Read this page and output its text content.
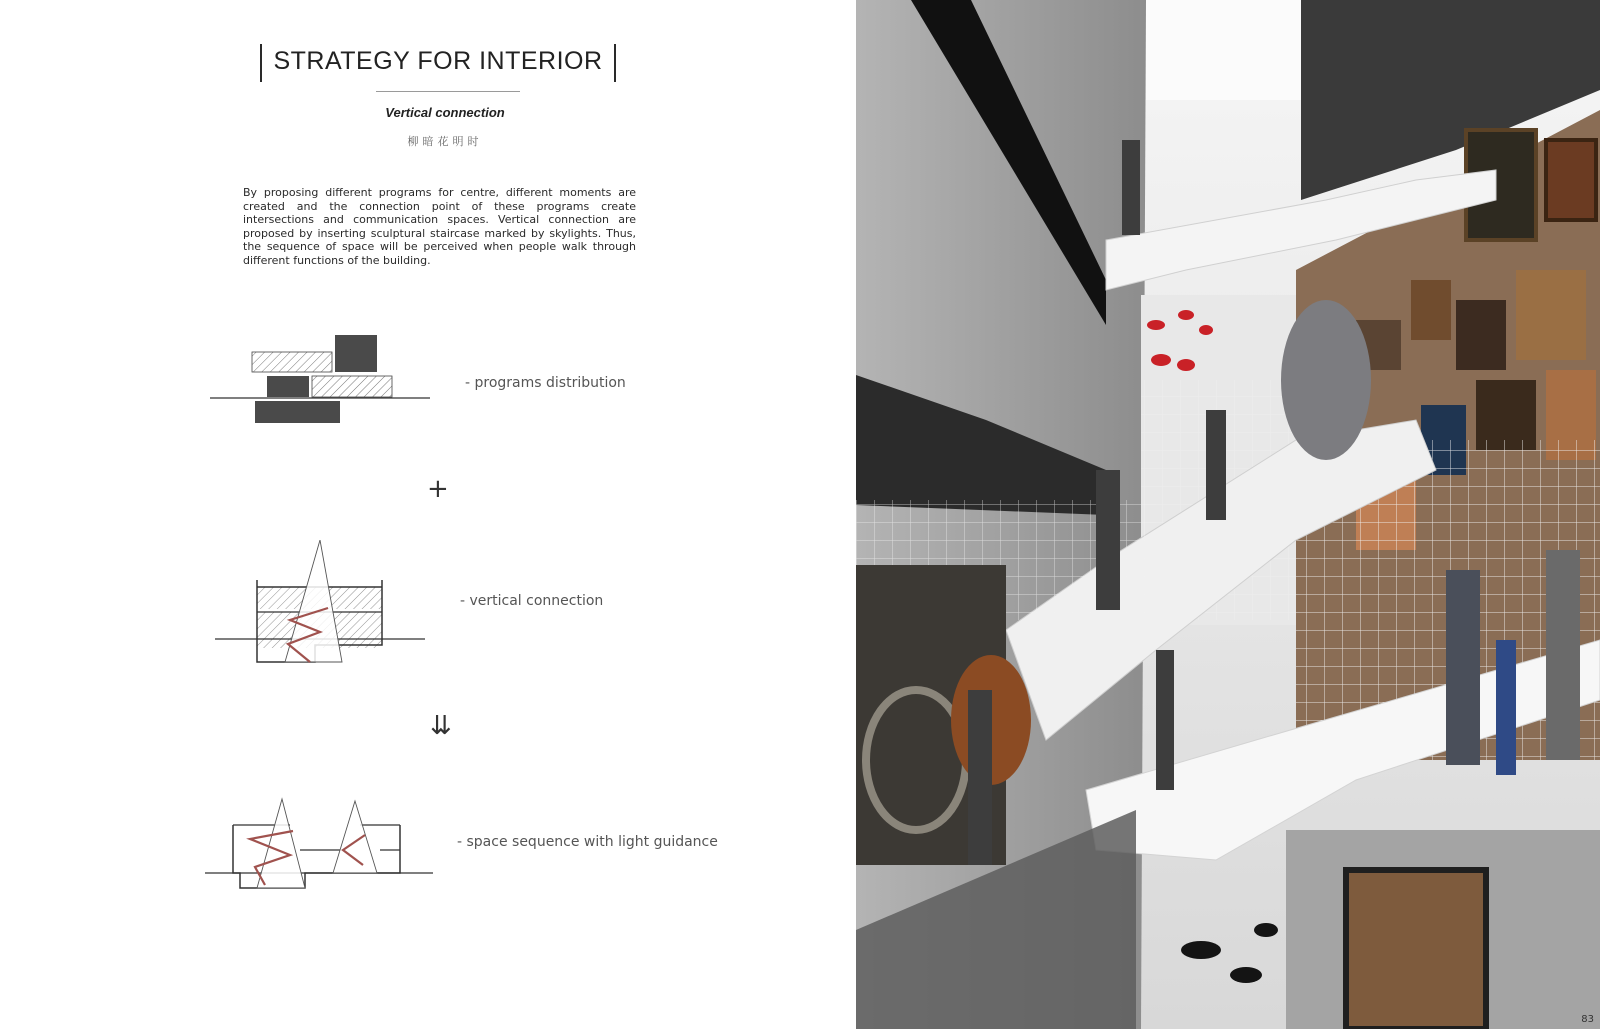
STRATEGY FOR INTERIOR
Vertical connection
柳暗花明时
By proposing different programs for centre, different moments are created and the connection point of these programs create intersections and communication spaces. Vertical connection are proposed by inserting sculptural staircase marked by skylights. Thus, the sequence of space will be perceived when people walk through different functions of the building.
- programs distribution
+
- vertical connection
⇊
- space sequence with light guidance
83
